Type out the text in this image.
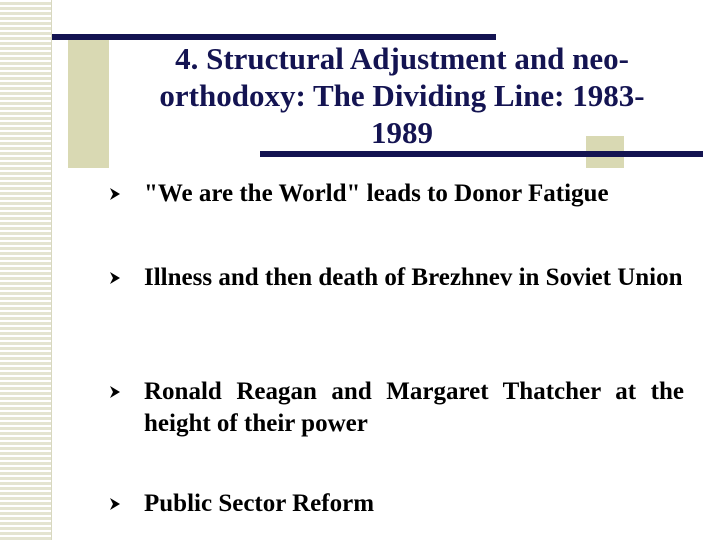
4. Structural Adjustment and neo-
orthodoxy: The Dividing Line: 1983-
1989
"We are the World" leads to Donor Fatigue
Illness and then death of Brezhnev in Soviet Union
Ronald Reagan and Margaret Thatcher at the height of their power
Public Sector Reform
